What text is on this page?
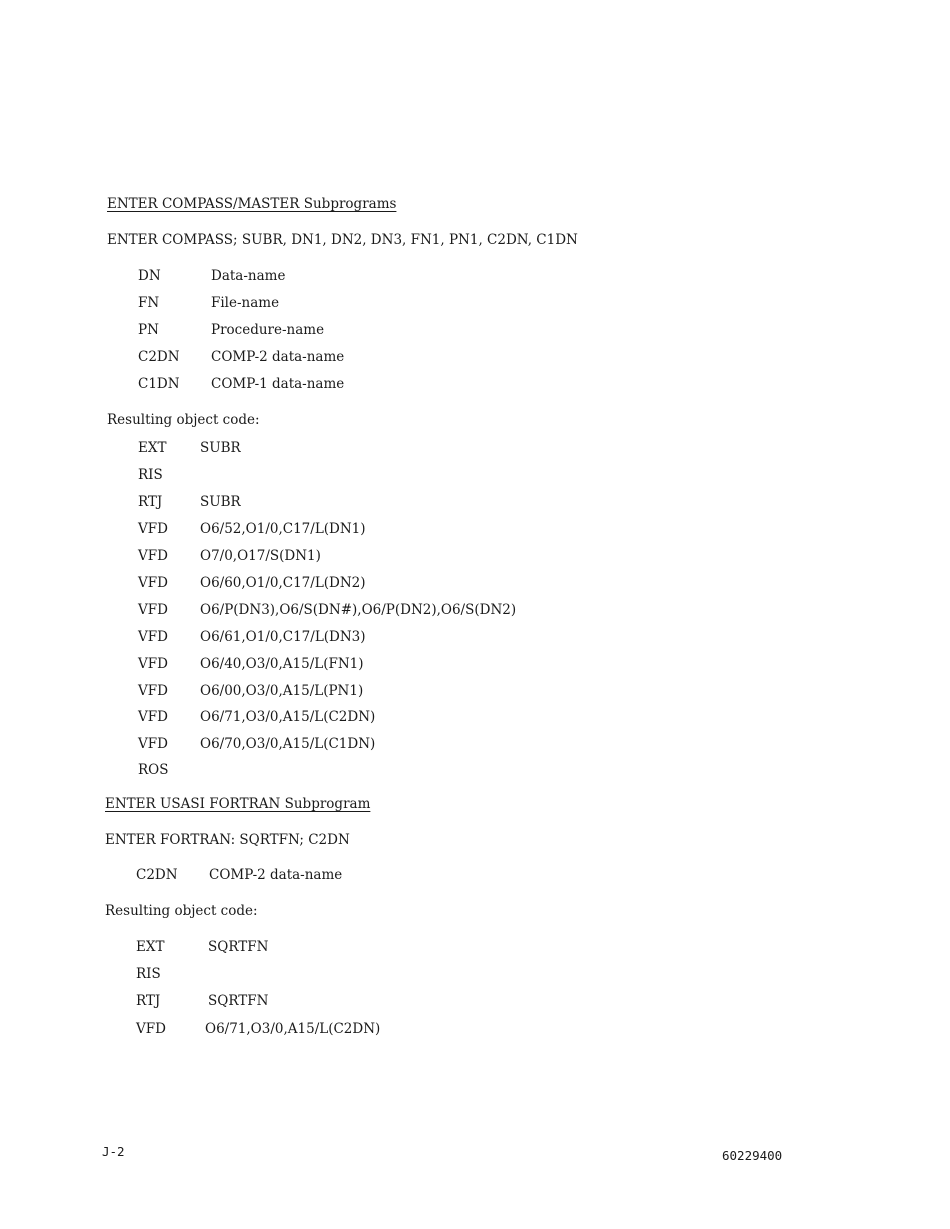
ENTER COMPASS/MASTER Subprograms
ENTER COMPASS; SUBR, DN1, DN2, DN3, FN1, PN1, C2DN, C1DN
DN	Data-name
FN	File-name
PN	Procedure-name
C2DN COMP-2 data-name
C1DN COMP-1 data-name
Resulting object code:
EXT SUBR
RIS
RTJ	SUBR
VFD O6/52,O1/0,C17/L(DN1)
VFD O7/0,O17/S(DN1)
VFD O6/60,O1/0,C17/L(DN2)
VFD O6/P(DN3),O6/S(DN#),O6/P(DN2),O6/S(DN2)
VFD O6/61,O1/0,C17/L(DN3)
VFD O6/40,O3/0,A15/L(FN1)
VFD O6/00,O3/0,A15/L(PN1)
VFD O6/71,O3/0,A15/L(C2DN)
VFD O6/70,O3/0,A15/L(C1DN)
ROS
ENTER USASI FORTRAN Subprogram
ENTER FORTRAN: SQRTFN; C2DN
C2DN COMP-2 data-name
Resulting object code:
EXT	SQRTFN
RIS
RTJ	SQRTFN
VFD	O6/71,O3/0,A15/L(C2DN)
J-2	60229400
